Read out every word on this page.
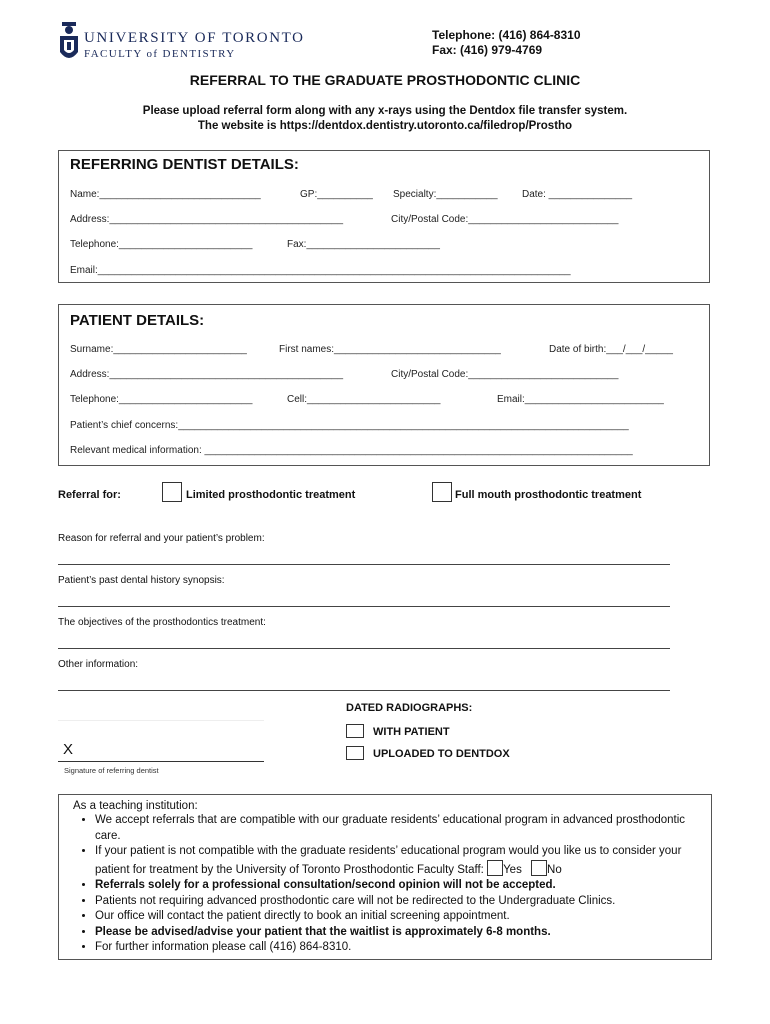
UNIVERSITY OF TORONTO
FACULTY of DENTISTRY
Telephone: (416) 864-8310
Fax: (416) 979-4769
REFERRAL TO THE GRADUATE PROSTHODONTIC CLINIC
Please upload referral form along with any x-rays using the Dentdox file transfer system.
The website is https://dentdox.dentistry.utoronto.ca/filedrop/Prostho
REFERRING DENTIST DETAILS:
Name:_____________________________	GP:__________ Specialty:___________ Date: _______________
Address:__________________________________________	City/Postal Code:___________________________
Telephone:________________________	Fax:________________________
Email:_____________________________________________________________________________________
PATIENT DETAILS:
Surname:________________________	First names:______________________________	Date of birth:___/___/_____
Address:__________________________________________	City/Postal Code:___________________________
Telephone:________________________	Cell:________________________	Email:_________________________
Patient’s chief concerns:_________________________________________________________________________________
Relevant medical information: _____________________________________________________________________________
Referral for:	Limited prosthodontic treatment	Full mouth prosthodontic treatment
Reason for referral and your patient’s problem:
Patient’s past dental history synopsis:
The objectives of the prosthodontics treatment:
Other information:
DATED RADIOGRAPHS:
WITH PATIENT
UPLOADED TO DENTDOX
X
Signature of referring dentist
As a teaching institution:
• We accept referrals that are compatible with our graduate residents’ educational program in advanced prosthodontic care.
• If your patient is not compatible with the graduate residents’ educational program would you like us to consider your patient for treatment by the University of Toronto Prosthodontic Faculty Staff: Yes No
• Referrals solely for a professional consultation/second opinion will not be accepted.
• Patients not requiring advanced prosthodontic care will not be redirected to the Undergraduate Clinics.
• Our office will contact the patient directly to book an initial screening appointment.
• Please be advised/advise your patient that the waitlist is approximately 6-8 months.
• For further information please call (416) 864-8310.
